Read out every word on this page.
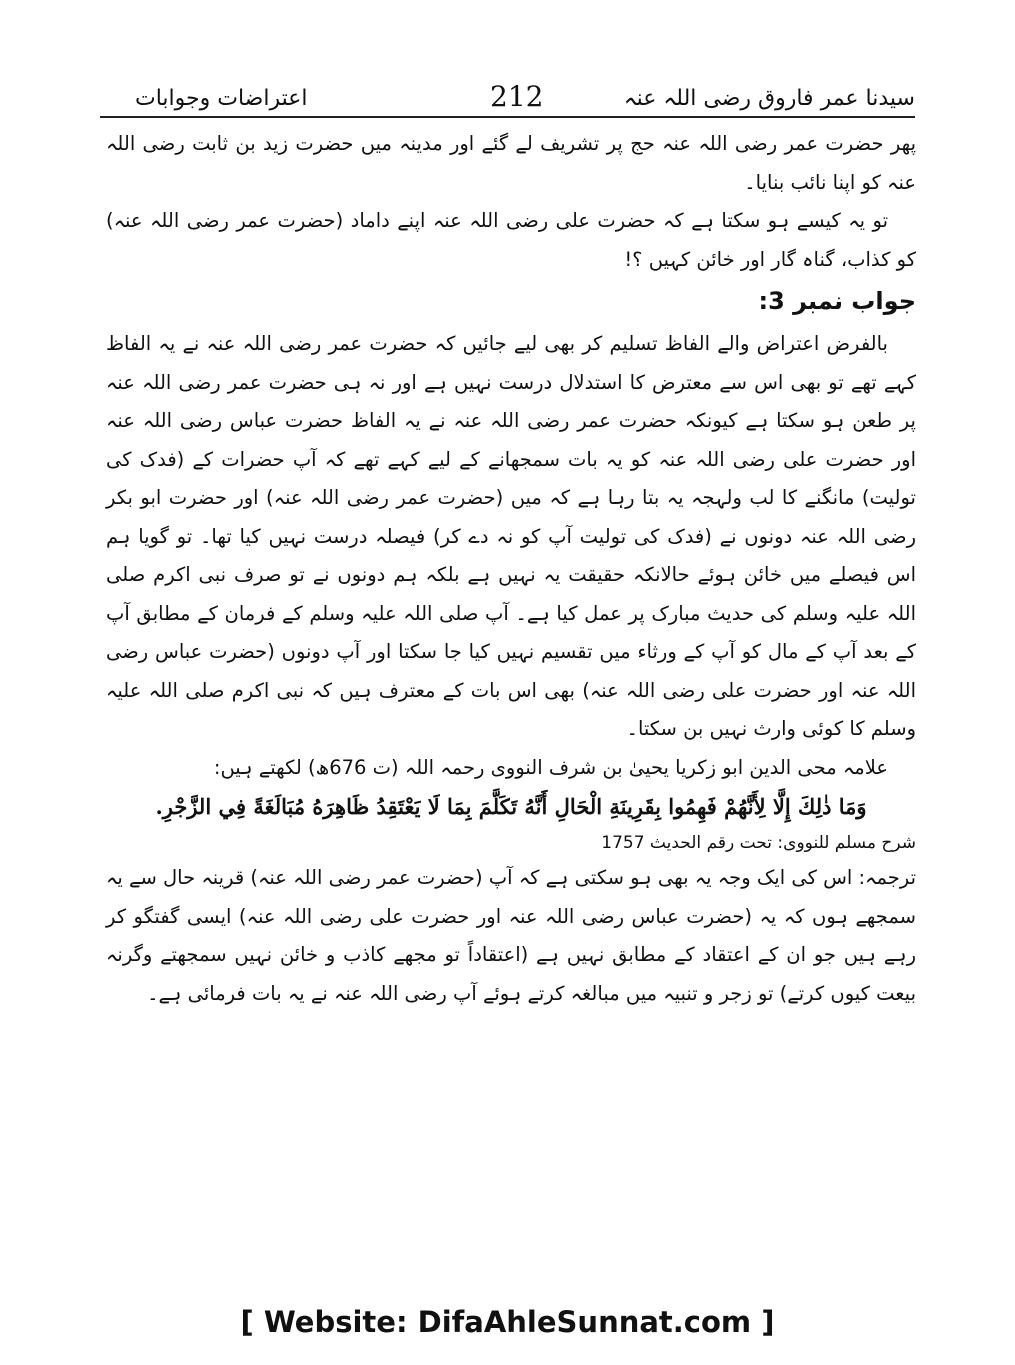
سیدنا عمر فاروق رضی اللہ عنہ
212
اعتراضات وجوابات

پھر حضرت عمر رضی اللہ عنہ حج پر تشریف لے گئے اور مدینہ میں حضرت زید بن ثابت رضی اللہ عنہ کو اپنا نائب بنایا۔

تو یہ کیسے ہو سکتا ہے کہ حضرت علی رضی اللہ عنہ اپنے داماد (حضرت عمر رضی اللہ عنہ) کو کذاب، گناہ گار اور خائن کہیں ؟!

جواب نمبر 3:

بالفرض اعتراض والے الفاظ تسلیم کر بھی لیے جائیں کہ حضرت عمر رضی اللہ عنہ نے یہ الفاظ کہے تھے تو بھی اس سے معترض کا استدلال درست نہیں ہے اور نہ ہی حضرت عمر رضی اللہ عنہ پر طعن ہو سکتا ہے کیونکہ حضرت عمر رضی اللہ عنہ نے یہ الفاظ حضرت عباس رضی اللہ عنہ اور حضرت علی رضی اللہ عنہ کو یہ بات سمجھانے کے لیے کہے تھے کہ آپ حضرات کے (فدک کی تولیت) مانگنے کا لب ولہجہ یہ بتا رہا ہے کہ میں (حضرت عمر رضی اللہ عنہ) اور حضرت ابو بکر رضی اللہ عنہ دونوں نے (فدک کی تولیت آپ کو نہ دے کر) فیصلہ درست نہیں کیا تھا۔ تو گویا ہم اس فیصلے میں خائن ہوئے حالانکہ حقیقت یہ نہیں ہے بلکہ ہم دونوں نے تو صرف نبی اکرم صلی اللہ علیہ وسلم کی حدیث مبارک پر عمل کیا ہے۔ آپ صلی اللہ علیہ وسلم کے فرمان کے مطابق آپ کے بعد آپ کے مال کو آپ کے ورثاء میں تقسیم نہیں کیا جا سکتا اور آپ دونوں (حضرت عباس رضی اللہ عنہ اور حضرت علی رضی اللہ عنہ) بھی اس بات کے معترف ہیں کہ نبی اکرم صلی اللہ علیہ وسلم کا کوئی وارث نہیں بن سکتا۔

علامہ محی الدین ابو زکریا یحییٰ بن شرف النووی رحمہ اللہ (ت 676ھ) لکھتے ہیں:

وَمَا ذٰلِكَ إِلَّا لِأَنَّهُمْ فَهِمُوا بِقَرِينَةِ الْحَالِ أَنَّهُ تَكَلَّمَ بِمَا لَا يَعْتَقِدُ ظَاهِرَهُ مُبَالَغَةً فِي الزَّجْرِ.

شرح مسلم للنووی: تحت رقم الحدیث 1757

ترجمہ: اس کی ایک وجہ یہ بھی ہو سکتی ہے کہ آپ (حضرت عمر رضی اللہ عنہ) قرینہ حال سے یہ سمجھے ہوں کہ یہ (حضرت عباس رضی اللہ عنہ اور حضرت علی رضی اللہ عنہ) ایسی گفتگو کر رہے ہیں جو ان کے اعتقاد کے مطابق نہیں ہے (اعتقاداً تو مجھے کاذب و خائن نہیں سمجھتے وگرنہ بیعت کیوں کرتے) تو زجر و تنبیہ میں مبالغہ کرتے ہوئے آپ رضی اللہ عنہ نے یہ بات فرمائی ہے۔

[ Website: DifaAhleSunnat.com ]
